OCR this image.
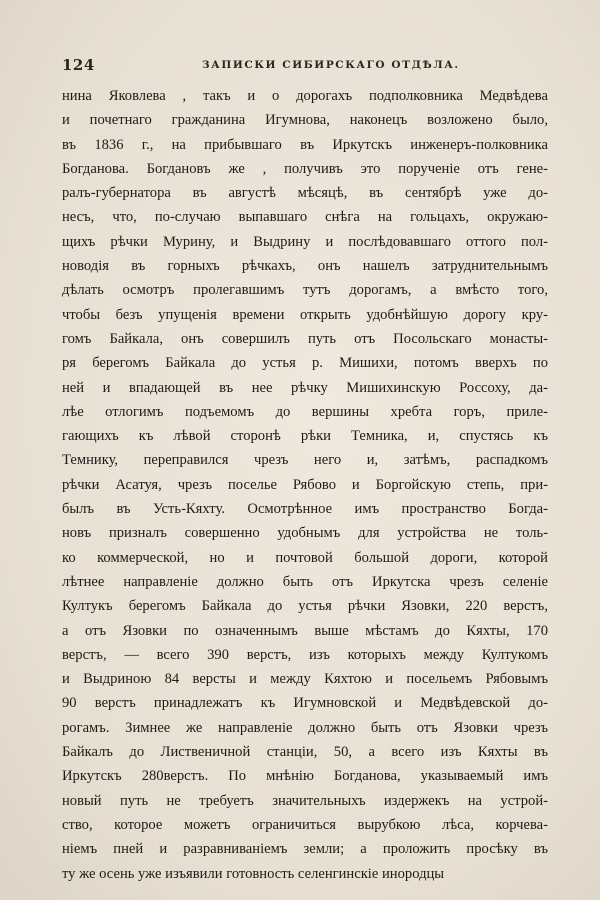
124	ЗАПИСКИ СИБИРСКАГО ОТДѢЛА.
нина Яковлева , такъ и о дорогахъ подполковника Медвѣдева
и почетнаго гражданина Игумнова, наконецъ возложено было,
въ 1836 г., на прибывшаго въ Иркутскъ инженеръ-полковника
Богданова. Богдановъ же , получивъ это порученіе отъ гене-
ралъ-губернатора въ августѣ мѣсяцѣ, въ сентябрѣ уже до-
несъ, что, по-случаю выпавшаго снѣга на гольцахъ, окружаю-
щихъ рѣчки Мурину, и Выдрину и послѣдовавшаго оттого пол-
новодія въ горныхъ рѣчкахъ, онъ нашелъ затруднительнымъ
дѣлать осмотръ пролегавшимъ тутъ дорогамъ, а вмѣсто того,
чтобы безъ упущенія времени открыть удобнѣйшую дорогу кру-
гомъ Байкала, онъ совершилъ путь отъ Посольскаго монасты-
ря берегомъ Байкала до устья р. Мишихи, потомъ вверхъ по
ней и впадающей въ нее рѣчку Мишихинскую Россоху, да-
лѣе отлогимъ подъемомъ до вершины хребта горъ, приле-
гающихъ къ лѣвой сторонѣ рѣки Темника, и, спустясь къ
Темнику, переправился чрезъ него и, затѣмъ, распадкомъ
рѣчки Асатуя, чрезъ поселье Рябово и Боргойскую степь, при-
былъ въ Усть-Кяхту. Осмотрѣнное имъ пространство Богда-
новъ призналъ совершенно удобнымъ для устройства не толь-
ко коммерческой, но и почтовой большой дороги, которой
лѣтнее направленіе должно быть отъ Иркутска чрезъ селеніе
Култукъ берегомъ Байкала до устья рѣчки Язовки, 220 верстъ,
а отъ Язовки по означеннымъ выше мѣстамъ до Кяхты, 170
верстъ, — всего 390 верстъ, изъ которыхъ между Култукомъ
и Выдриною 84 версты и между Кяхтою и посельемъ Рябовымъ
90 верстъ принадлежатъ къ Игумновской и Медвѣдевской до-
рогамъ. Зимнее же направленіе должно быть отъ Язовки чрезъ
Байкалъ до Лиственичной станціи, 50, а всего изъ Кяхты въ
Иркутскъ 280верстъ. По мнѣнію Богданова, указываемый имъ
новый путь не требуетъ значительныхъ издержекъ на устрой-
ство, которое можетъ ограничиться вырубкою лѣса, корчева-
ніемъ пней и разравниваніемъ земли; а проложить просѣку въ
ту же осень уже изъявили готовность селенгинскіе инородцы
